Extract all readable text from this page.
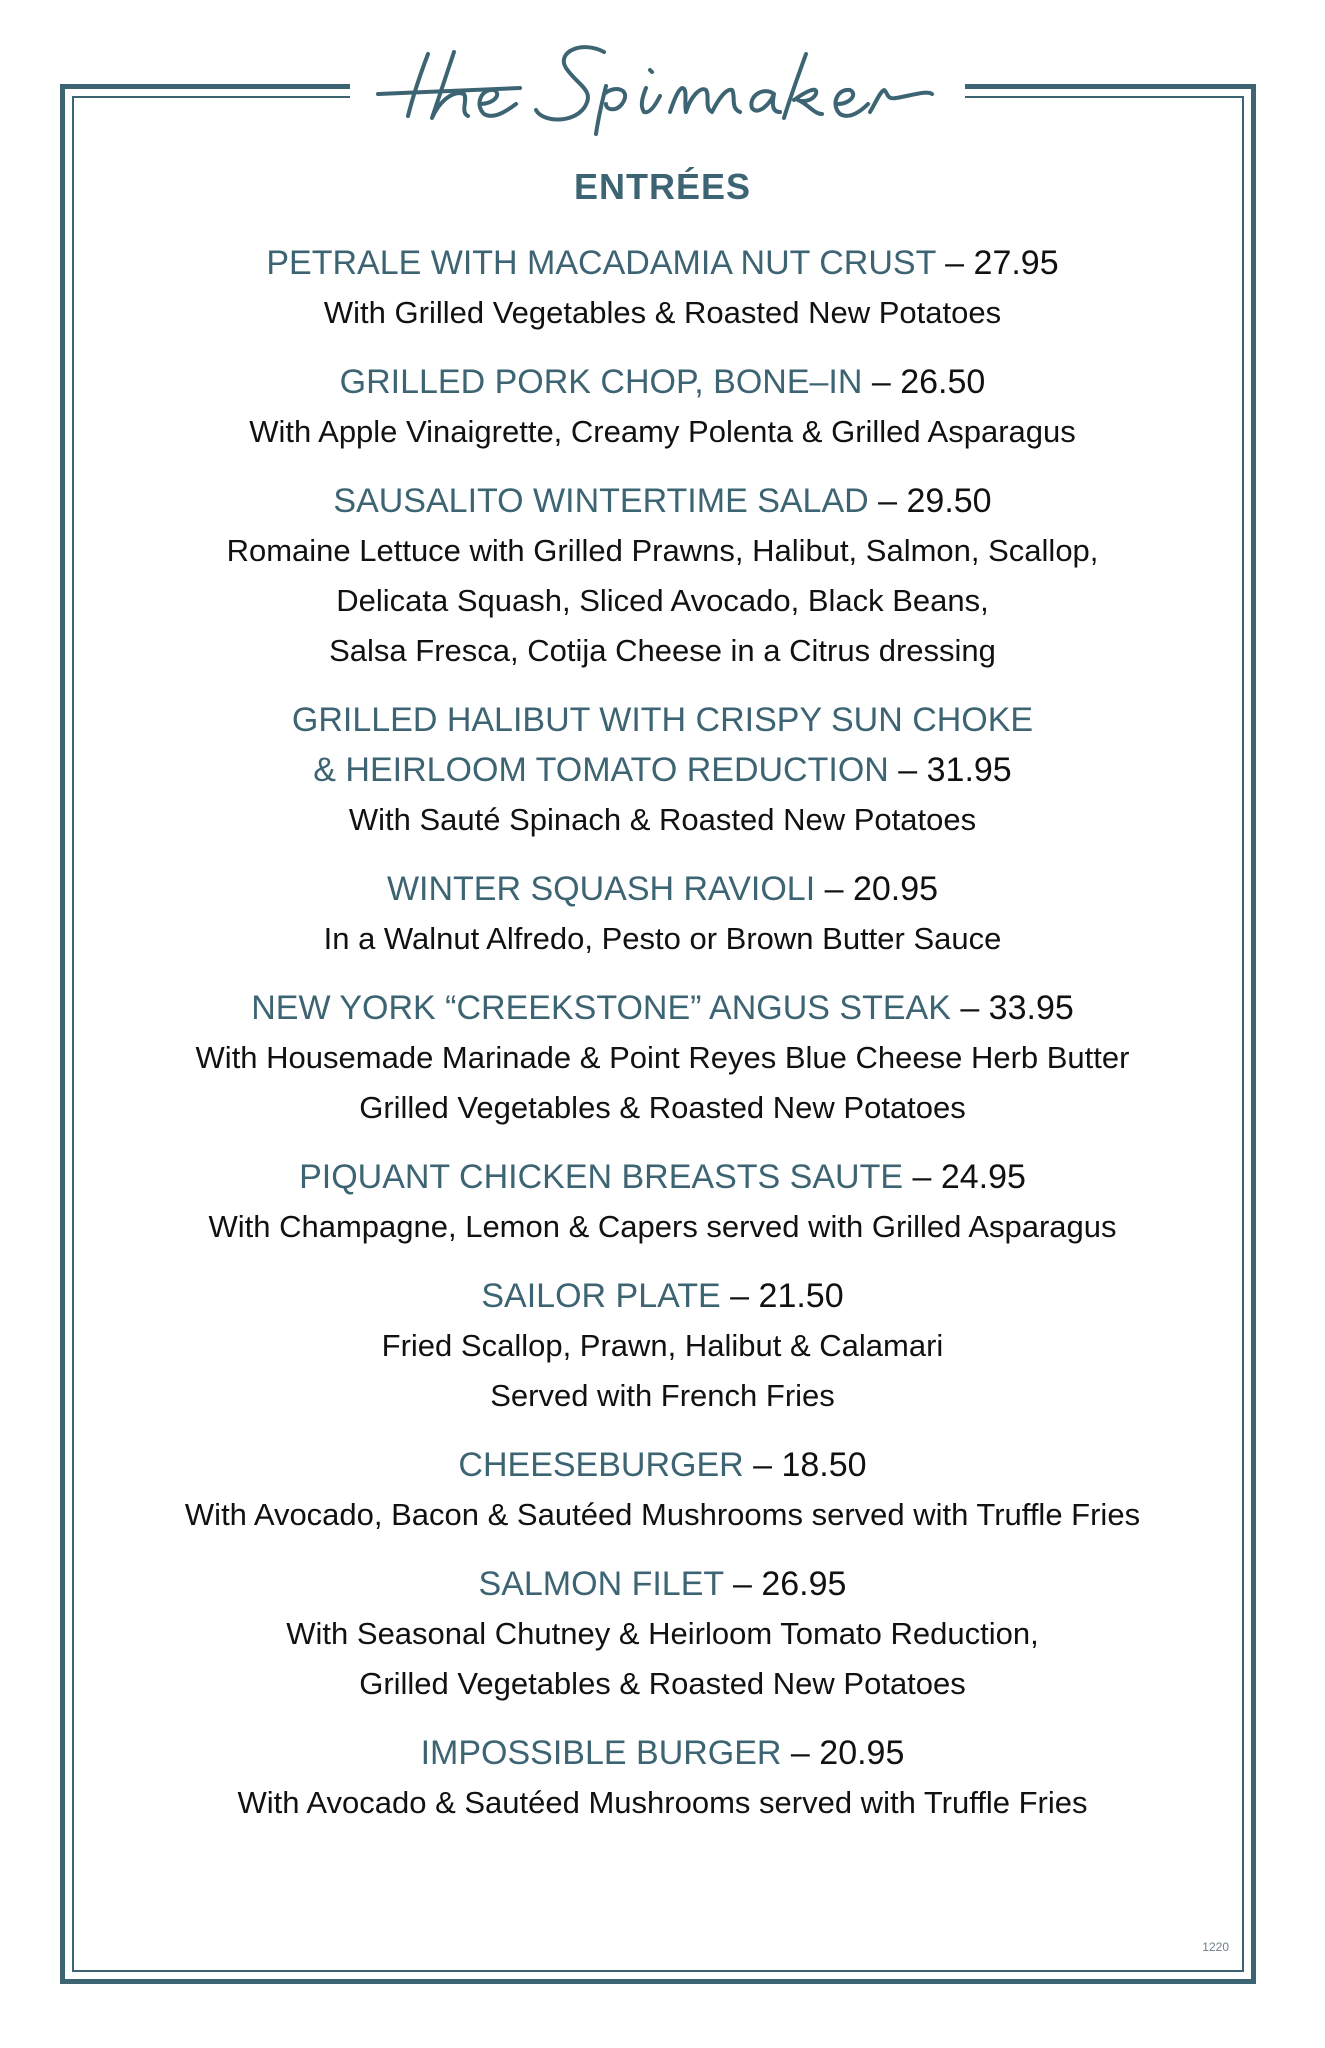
ENTRÉES
PETRALE WITH MACADAMIA NUT CRUST – 27.95
With Grilled Vegetables & Roasted New Potatoes
GRILLED PORK CHOP, BONE–IN – 26.50
With Apple Vinaigrette, Creamy Polenta & Grilled Asparagus
SAUSALITO WINTERTIME SALAD – 29.50
Romaine Lettuce with Grilled Prawns, Halibut, Salmon, Scallop,
Delicata Squash, Sliced Avocado, Black Beans,
Salsa Fresca, Cotija Cheese in a Citrus dressing
GRILLED HALIBUT WITH CRISPY SUN CHOKE
& HEIRLOOM TOMATO REDUCTION – 31.95
With Sauté Spinach & Roasted New Potatoes
WINTER SQUASH RAVIOLI – 20.95
In a Walnut Alfredo, Pesto or Brown Butter Sauce
NEW YORK “CREEKSTONE” ANGUS STEAK – 33.95
With Housemade Marinade & Point Reyes Blue Cheese Herb Butter
Grilled Vegetables & Roasted New Potatoes
PIQUANT CHICKEN BREASTS SAUTE – 24.95
With Champagne, Lemon & Capers served with Grilled Asparagus
SAILOR PLATE – 21.50
Fried Scallop, Prawn, Halibut & Calamari
Served with French Fries
CHEESEBURGER – 18.50
With Avocado, Bacon & Sautéed Mushrooms served with Truffle Fries
SALMON FILET – 26.95
With Seasonal Chutney & Heirloom Tomato Reduction,
Grilled Vegetables & Roasted New Potatoes
IMPOSSIBLE BURGER – 20.95
With Avocado & Sautéed Mushrooms served with Truffle Fries
1220
